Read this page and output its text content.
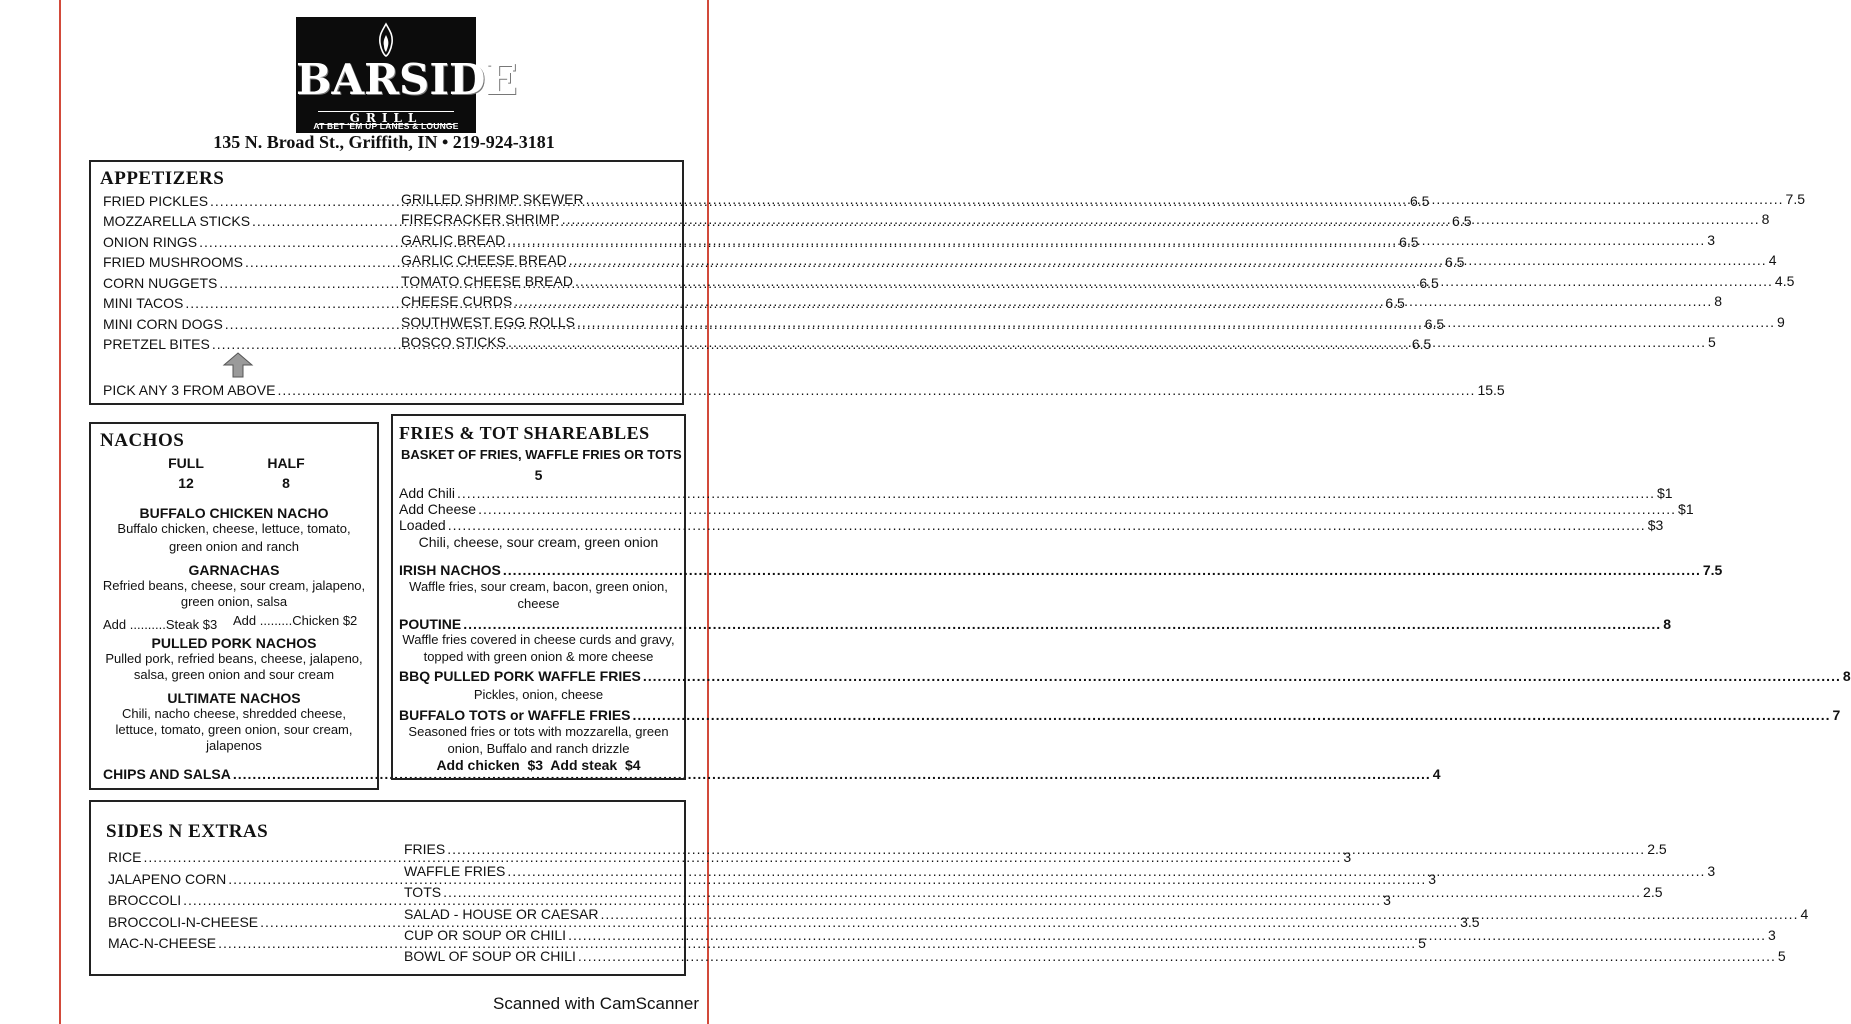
BARSIDE
GRILL
AT BET 'EM UP LANES & LOUNGE
135 N. Broad St., Griffith, IN • 219-924-3181
APPETIZERS
FRIED PICKLES .....	6.5
MOZZARELLA STICKS .....	6.5
ONION RINGS .....	6.5
FRIED MUSHROOMS .....	6.5
CORN NUGGETS .....	6.5
MINI TACOS .....	6.5
MINI CORN DOGS .....	6.5
PRETZEL BITES .....	6.5
GRILLED SHRIMP SKEWER .....	7.5
FIRECRACKER SHRIMP .....	8
GARLIC BREAD .....	3
GARLIC CHEESE BREAD .....	4
TOMATO CHEESE BREAD .....	4.5
CHEESE CURDS .....	8
SOUTHWEST EGG ROLLS .....	9
BOSCO STICKS .....	5
PICK ANY 3 FROM ABOVE .....	15.5
NACHOS
FULL	HALF
12	8
BUFFALO CHICKEN NACHO
Buffalo chicken, cheese, lettuce, tomato,
green onion and ranch
GARNACHAS
Refried beans, cheese, sour cream, jalapeno,
green onion, salsa
Add ..........Steak $3 Add .........Chicken $2
PULLED PORK NACHOS
Pulled pork, refried beans, cheese, jalapeno,
salsa, green onion and sour cream
ULTIMATE NACHOS
Chili, nacho cheese, shredded cheese,
lettuce, tomato, green onion, sour cream,
jalapenos
CHIPS AND SALSA .....	4
FRIES & TOT SHAREABLES
BASKET OF FRIES, WAFFLE FRIES OR TOTS
5
Add Chili .....	$1
Add Cheese .....	$1
Loaded .....	$3
Chili, cheese, sour cream, green onion
IRISH NACHOS .....	7.5
Waffle fries, sour cream, bacon, green onion,
cheese
POUTINE .....	8
Waffle fries covered in cheese curds and gravy,
topped with green onion & more cheese
BBQ PULLED PORK WAFFLE FRIES .....	8
Pickles, onion, cheese
BUFFALO TOTS or WAFFLE FRIES .....	7
Seasoned fries or tots with mozzarella, green
onion, Buffalo and ranch drizzle
Add chicken  $3  Add steak  $4
SIDES N EXTRAS
RICE .....	3
JALAPENO CORN .....	3
BROCCOLI .....	3
BROCCOLI-N-CHEESE .....	3.5
MAC-N-CHEESE .....	5
FRIES .....	2.5
WAFFLE FRIES .....	3
TOTS .....	2.5
SALAD - HOUSE OR CAESAR .....	4
CUP OR SOUP OR CHILI .....	3
BOWL OF SOUP OR CHILI .....	5
Scanned with CamScanner
